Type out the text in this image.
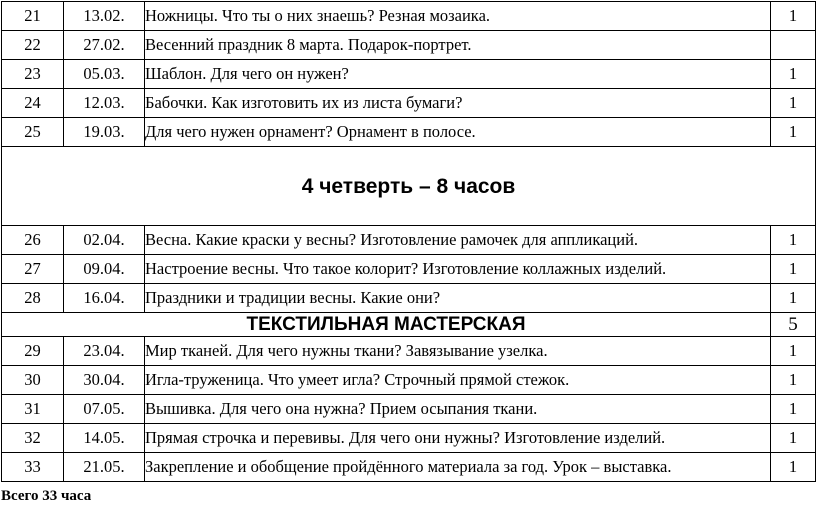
21	13.02.	Ножницы. Что ты о них знаешь? Резная мозаика.	1
22	27.02.	Весенний праздник 8 марта. Подарок-портрет.	
23	05.03.	Шаблон. Для чего он нужен?	1
24	12.03.	Бабочки. Как изготовить их из листа бумаги?	1
25	19.03.	Для чего нужен орнамент? Орнамент в полосе.	1
4 четверть – 8 часов			
26	02.04.	Весна. Какие краски у весны? Изготовление рамочек для аппликаций.	1
27	09.04.	Настроение весны. Что такое колорит? Изготовление коллажных изделий.	1
28	16.04.	Праздники и традиции весны. Какие они?	1
ТЕКСТИЛЬНАЯ МАСТЕРСКАЯ			5
29	23.04.	Мир тканей. Для чего нужны ткани? Завязывание узелка.	1
30	30.04.	Игла-труженица. Что умеет игла? Строчный прямой стежок.	1
31	07.05.	Вышивка. Для чего она нужна? Прием осыпания ткани.	1
32	14.05.	Прямая строчка и перевивы. Для чего они нужны? Изготовление изделий.	1
33	21.05.	Закрепление и обобщение пройдённого материала за год. Урок – выставка.	1
Всего 33 часа
